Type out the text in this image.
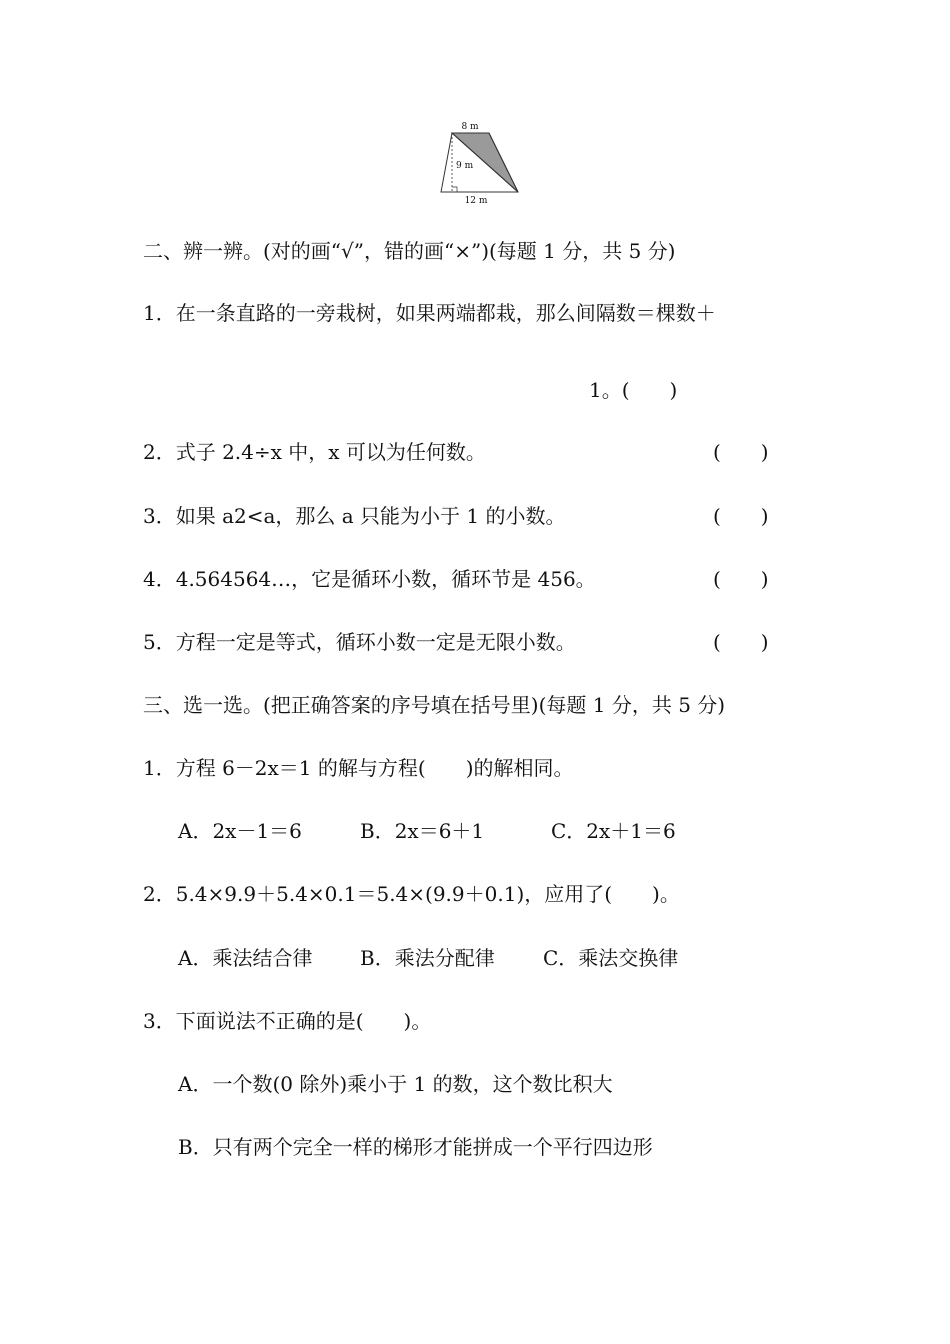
8 m
9 m
12 m
二、辨一辨。(对的画“√”，错的画“×”)(每题 1 分，共 5 分)
1．在一条直路的一旁栽树，如果两端都栽，那么间隔数＝棵数＋
1。(　　)
2．式子 2.4÷x 中，x 可以为任何数。	(　　)
3．如果 a2<a，那么 a 只能为小于 1 的小数。	(　　)
4．4.564564…，它是循环小数，循环节是 456。	(　　)
5．方程一定是等式，循环小数一定是无限小数。	(　　)
三、选一选。(把正确答案的序号填在括号里)(每题 1 分，共 5 分)
1．方程 6－2x＝1 的解与方程(　　)的解相同。
A．2x－1＝6	B．2x＝6＋1	C．2x＋1＝6
2．5.4×9.9＋5.4×0.1＝5.4×(9.9＋0.1)，应用了(　　)。
A．乘法结合律 B．乘法分配律 C．乘法交换律
3．下面说法不正确的是(　　)。
A．一个数(0 除外)乘小于 1 的数，这个数比积大
B．只有两个完全一样的梯形才能拼成一个平行四边形
